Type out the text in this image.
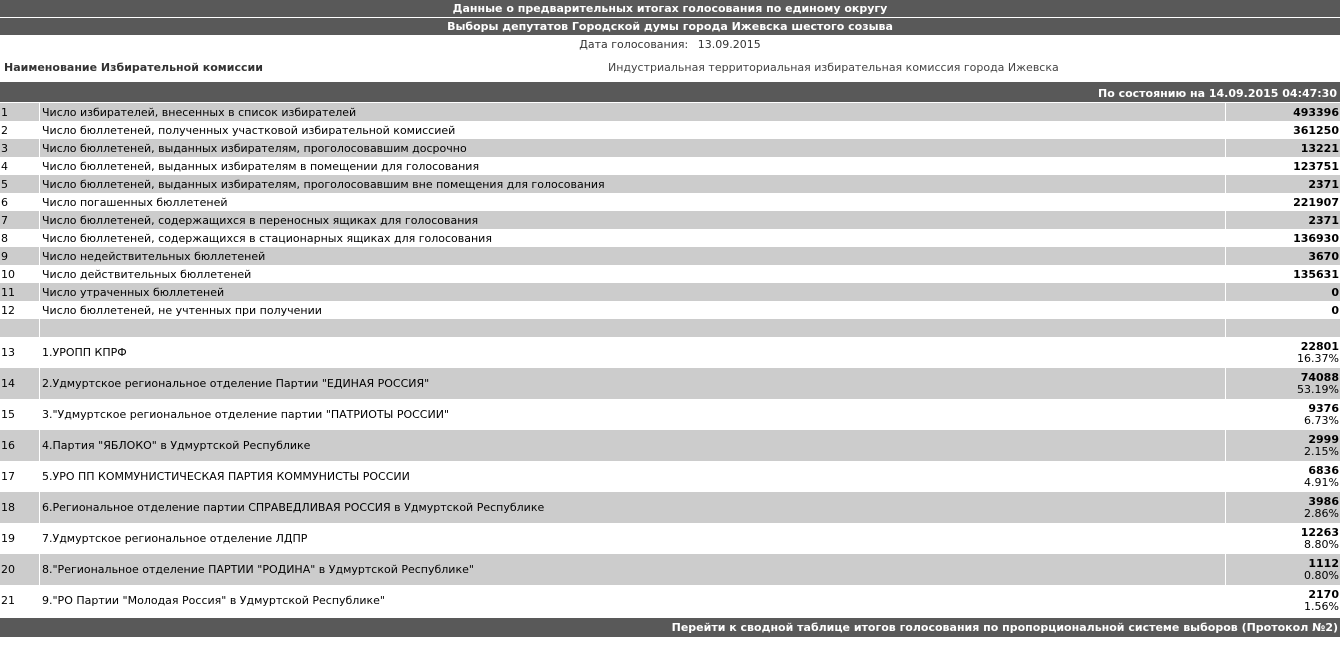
Данные о предварительных итогах голосования по единому округу
Выборы депутатов Городской думы города Ижевска шестого созыва
Дата голосования: 13.09.2015
Наименование Избирательной комиссии	Индустриальная территориальная избирательная комиссия города Ижевска
По состоянию на 14.09.2015 04:47:30
1	Число избирателей, внесенных в список избирателей	493396
2	Число бюллетеней, полученных участковой избирательной комиссией	361250
3	Число бюллетеней, выданных избирателям, проголосовавшим досрочно	13221
4	Число бюллетеней, выданных избирателям в помещении для голосования	123751
5	Число бюллетеней, выданных избирателям, проголосовавшим вне помещения для голосования	2371
6	Число погашенных бюллетеней	221907
7	Число бюллетеней, содержащихся в переносных ящиках для голосования	2371
8	Число бюллетеней, содержащихся в стационарных ящиках для голосования	136930
9	Число недействительных бюллетеней	3670
10	Число действительных бюллетеней	135631
11	Число утраченных бюллетеней	0
12	Число бюллетеней, не учтенных при получении	0

13	1.УРОПП КПРФ	22801
16.37%

14	2.Удмуртское региональное отделение Партии "ЕДИНАЯ РОССИЯ"	74088
53.19%

15	3."Удмуртское региональное отделение партии "ПАТРИОТЫ РОССИИ"	9376
6.73%

16	4.Партия "ЯБЛОКО" в Удмуртской Республике	2999
2.15%

17	5.УРО ПП КОММУНИСТИЧЕСКАЯ ПАРТИЯ КОММУНИСТЫ РОССИИ	6836
4.91%

18	6.Региональное отделение партии СПРАВЕДЛИВАЯ РОССИЯ в Удмуртской Республике	3986
2.86%

19	7.Удмуртское региональное отделение ЛДПР	12263
8.80%

20	8."Региональное отделение ПАРТИИ "РОДИНА" в Удмуртской Республике"	1112
0.80%

21	9."РО Партии "Молодая Россия" в Удмуртской Республике"	2170
1.56%
Перейти к сводной таблице итогов голосования по пропорциональной системе выборов (Протокол №2)
